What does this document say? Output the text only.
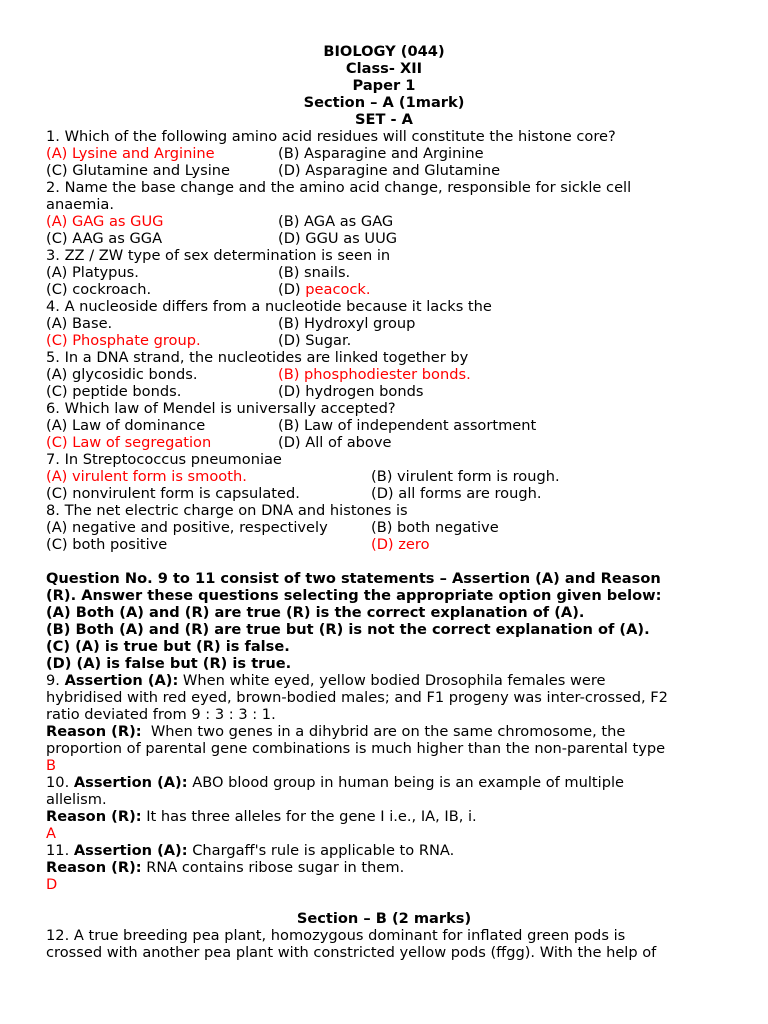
BIOLOGY (044)
Class- XII
Paper 1
Section – A (1mark)
SET - A
1. Which of the following amino acid residues will constitute the histone core?
(A) Lysine and Arginine	(B) Asparagine and Arginine
(C) Glutamine and Lysine	(D) Asparagine and Glutamine
2. Name the base change and the amino acid change, responsible for sickle cell
anaemia.
(A) GAG as GUG	(B) AGA as GAG
(C) AAG as GGA	(D) GGU as UUG
3. ZZ / ZW type of sex determination is seen in
(A) Platypus.	(B) snails.
(C) cockroach.	(D) peacock.
4. A nucleoside differs from a nucleotide because it lacks the
(A) Base.	(B) Hydroxyl group
(C) Phosphate group.	(D) Sugar.
5. In a DNA strand, the nucleotides are linked together by
(A) glycosidic bonds.	(B) phosphodiester bonds.
(C) peptide bonds.	(D) hydrogen bonds
6. Which law of Mendel is universally accepted?
(A) Law of dominance	(B) Law of independent assortment
(C) Law of segregation	(D) All of above
7. In Streptococcus pneumoniae
(A) virulent form is smooth.	(B) virulent form is rough.
(C) nonvirulent form is capsulated.	(D) all forms are rough.
8. The net electric charge on DNA and histones is
(A) negative and positive, respectively	(B) both negative
(C) both positive	(D) zero
Question No. 9 to 11 consist of two statements – Assertion (A) and Reason
(R). Answer these questions selecting the appropriate option given below:
(A) Both (A) and (R) are true (R) is the correct explanation of (A).
(B) Both (A) and (R) are true but (R) is not the correct explanation of (A).
(C) (A) is true but (R) is false.
(D) (A) is false but (R) is true.
9. Assertion (A): When white eyed, yellow bodied Drosophila females were
hybridised with red eyed, brown-bodied males; and F1 progeny was inter-crossed, F2
ratio deviated from 9 : 3 : 3 : 1.
Reason (R):  When two genes in a dihybrid are on the same chromosome, the
proportion of parental gene combinations is much higher than the non-parental type
B
10. Assertion (A): ABO blood group in human being is an example of multiple
allelism.
Reason (R): It has three alleles for the gene I i.e., IA, IB, i.
A
11. Assertion (A): Chargaff's rule is applicable to RNA.
Reason (R): RNA contains ribose sugar in them.
D
Section – B (2 marks)
12. A true breeding pea plant, homozygous dominant for inflated green pods is
crossed with another pea plant with constricted yellow pods (ffgg). With the help of
